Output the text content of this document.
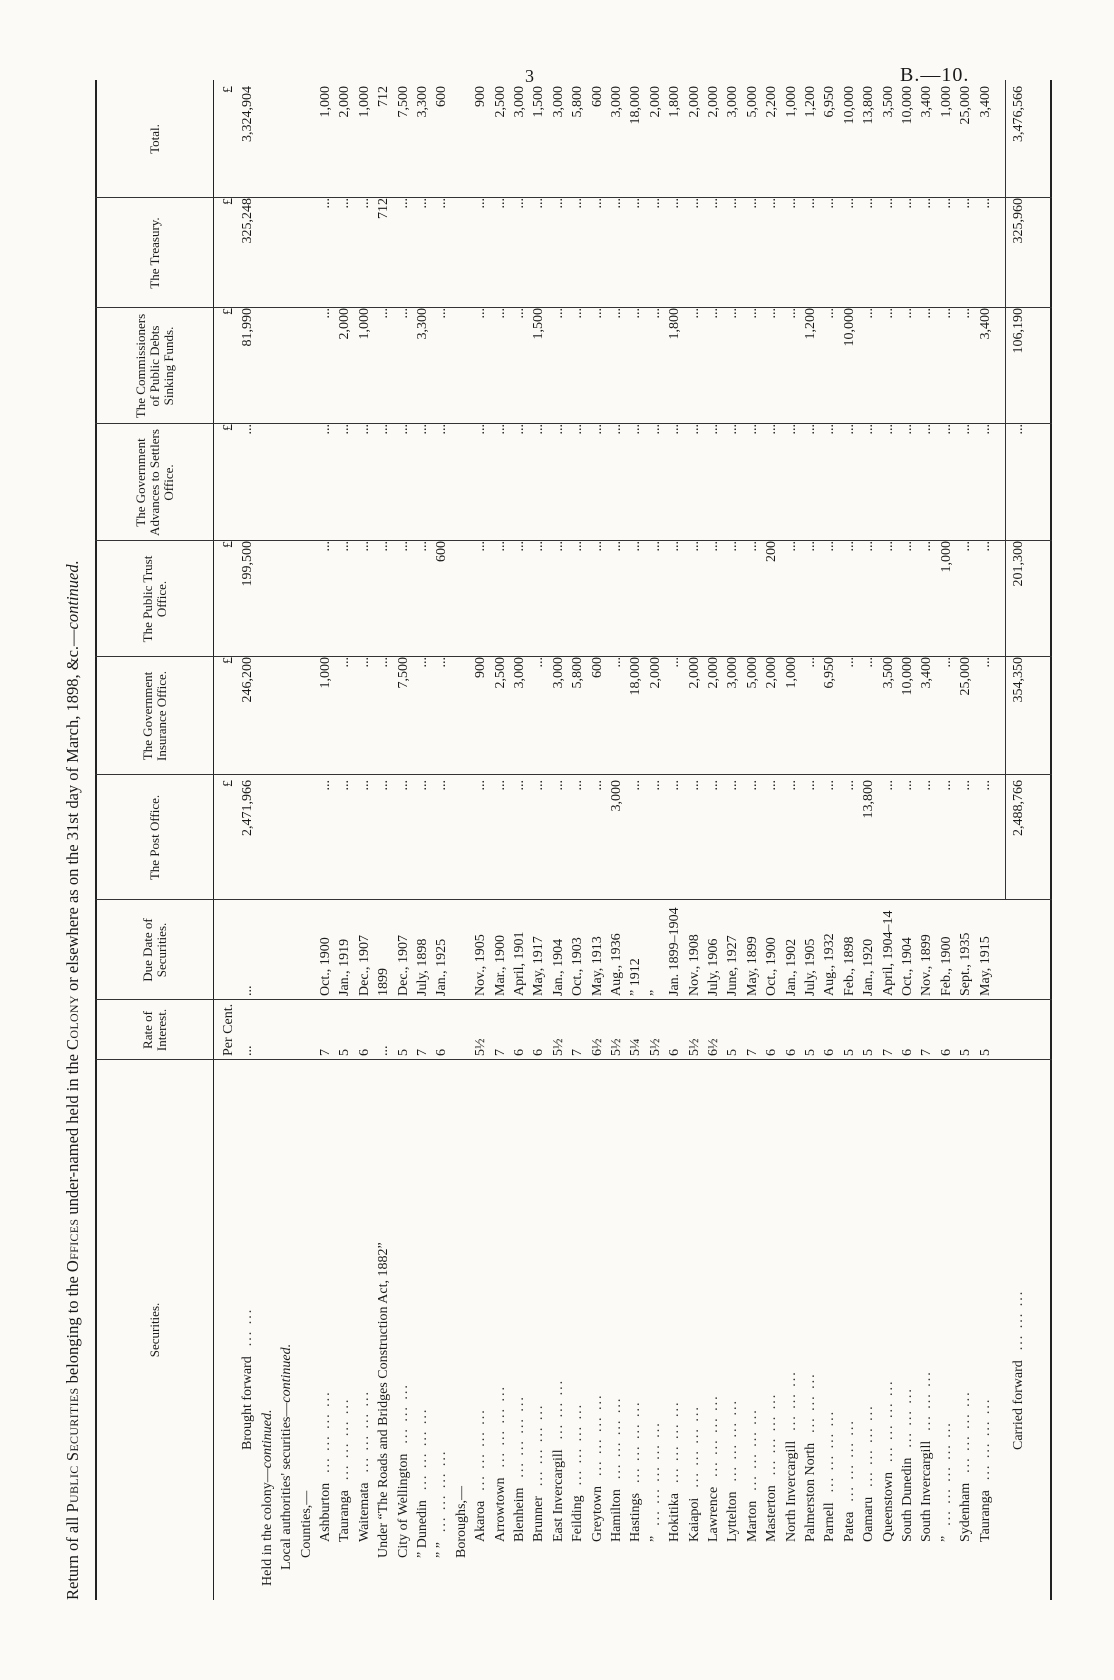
3	B.—10.
Return of all Public Securities belonging to the Offices under-named held in the Colony or elsewhere as on the 31st day of March, 1898, &c.—continued.
Securities.
Rate of Interest.
Due Date of Securities.
The Post Office.
The Government Insurance Office.
The Public Trust Office.
The Government Advances to Settlers Office.
The Commissioners of Public Debts Sinking Funds.
The Treasury.
Total.
Per Cent.
£
£
£
£
£
£
£
Brought forward... ...
...
...
2,471,966
246,200
199,500
...
81,990
325,248
3,324,904
Held in the colony—continued. Local authorities' securities—continued.
Counties,— Ashburton... ... ... ...
7
Oct., 1900
...
1,000
...
...
...
...
1,000
Tauranga... ... ... ...
5
Jan., 1919
...
...
...
...
2,000
...
2,000
Waitemata... ... ... ...
6
Dec., 1907
...
...
...
...
1,000
...
1,000
Under “The Roads and Bridges Construction Act, 1882”
...
1899
...
...
...
...
...
712
712
City of Wellington... ... ...
5
Dec., 1907
...
7,500
...
...
...
...
7,500
” Dunedin... ... ... ...
7
July, 1898
...
...
...
...
3,300
...
3,300
” ”... ... ... ...
6
Jan., 1925
...
...
600
...
...
...
600
Boroughs,— Akaroa... ... ... ...
5½
Nov., 1905
...
900
...
...
...
...
900
Arrowtown... ... ... ...
7
Mar., 1900
...
2,500
...
...
...
...
2,500
Blenheim... ... ... ...
6
April, 1901
...
3,000
...
...
...
...
3,000
Brunner... ... ... ...
6
May, 1917
...
...
...
...
1,500
...
1,500
East Invercargill... ... ...
5½
Jan., 1904
...
3,000
...
...
...
...
3,000
Feilding... ... ... ...
7
Oct., 1903
...
5,800
...
...
...
...
5,800
Greytown... ... ... ...
6½
May, 1913
...
600
...
...
...
...
600
Hamilton... ... ... ...
5½
Aug., 1936
3,000
...
...
...
...
...
3,000
Hastings... ... ... ...
5¼
” 1912
...
18,000
...
...
...
...
18,000
”... ... ... ... ...
5½
”
...
2,000
...
...
...
...
2,000
Hokitika... ... ... ...
6
Jan. 1899–1904
...
...
...
...
1,800
...
1,800
Kaiapoi... ... ... ...
5½
Nov., 1908
...
2,000
...
...
...
...
2,000
Lawrence... ... ... ...
6½
July, 1906
...
2,000
...
...
...
...
2,000
Lyttelton... ... ... ...
5
June, 1927
...
3,000
...
...
...
...
3,000
Marton... ... ... ...
7
May, 1899
...
5,000
...
...
...
...
5,000
Masterton... ... ... ...
6
Oct., 1900
...
2,000
200
...
...
...
2,200
North Invercargill... ... ...
6
Jan., 1902
...
1,000
...
...
...
...
1,000
Palmerston North... ... ...
5
July, 1905
...
...
...
...
1,200
...
1,200
Parnell... ... ... ...
6
Aug., 1932
...
6,950
...
...
...
...
6,950
Patea... ... ... ...
5
Feb., 1898
...
...
...
...
10,000
...
10,000
Oamaru... ... ... ...
5
Jan., 1920
13,800
...
...
...
...
...
13,800
Queenstown... ... ... ...
7
April, 1904–14
...
3,500
...
...
...
...
3,500
South Dunedin... ... ...
6
Oct., 1904
...
10,000
...
...
...
...
10,000
South Invercargill... ... ...
7
Nov., 1899
...
3,400
...
...
...
...
3,400
”... ... ... ... ...
6
Feb., 1900
...
...
1,000
...
...
...
1,000
Sydenham... ... ... ...
5
Sept., 1935
...
25,000
...
...
...
...
25,000
Tauranga... ... ... ...
5
May, 1915
...
...
...
...
3,400
...
3,400
Carried forward... ... ...
2,488,766
354,350
201,300
...
106,190
325,960
3,476,566
